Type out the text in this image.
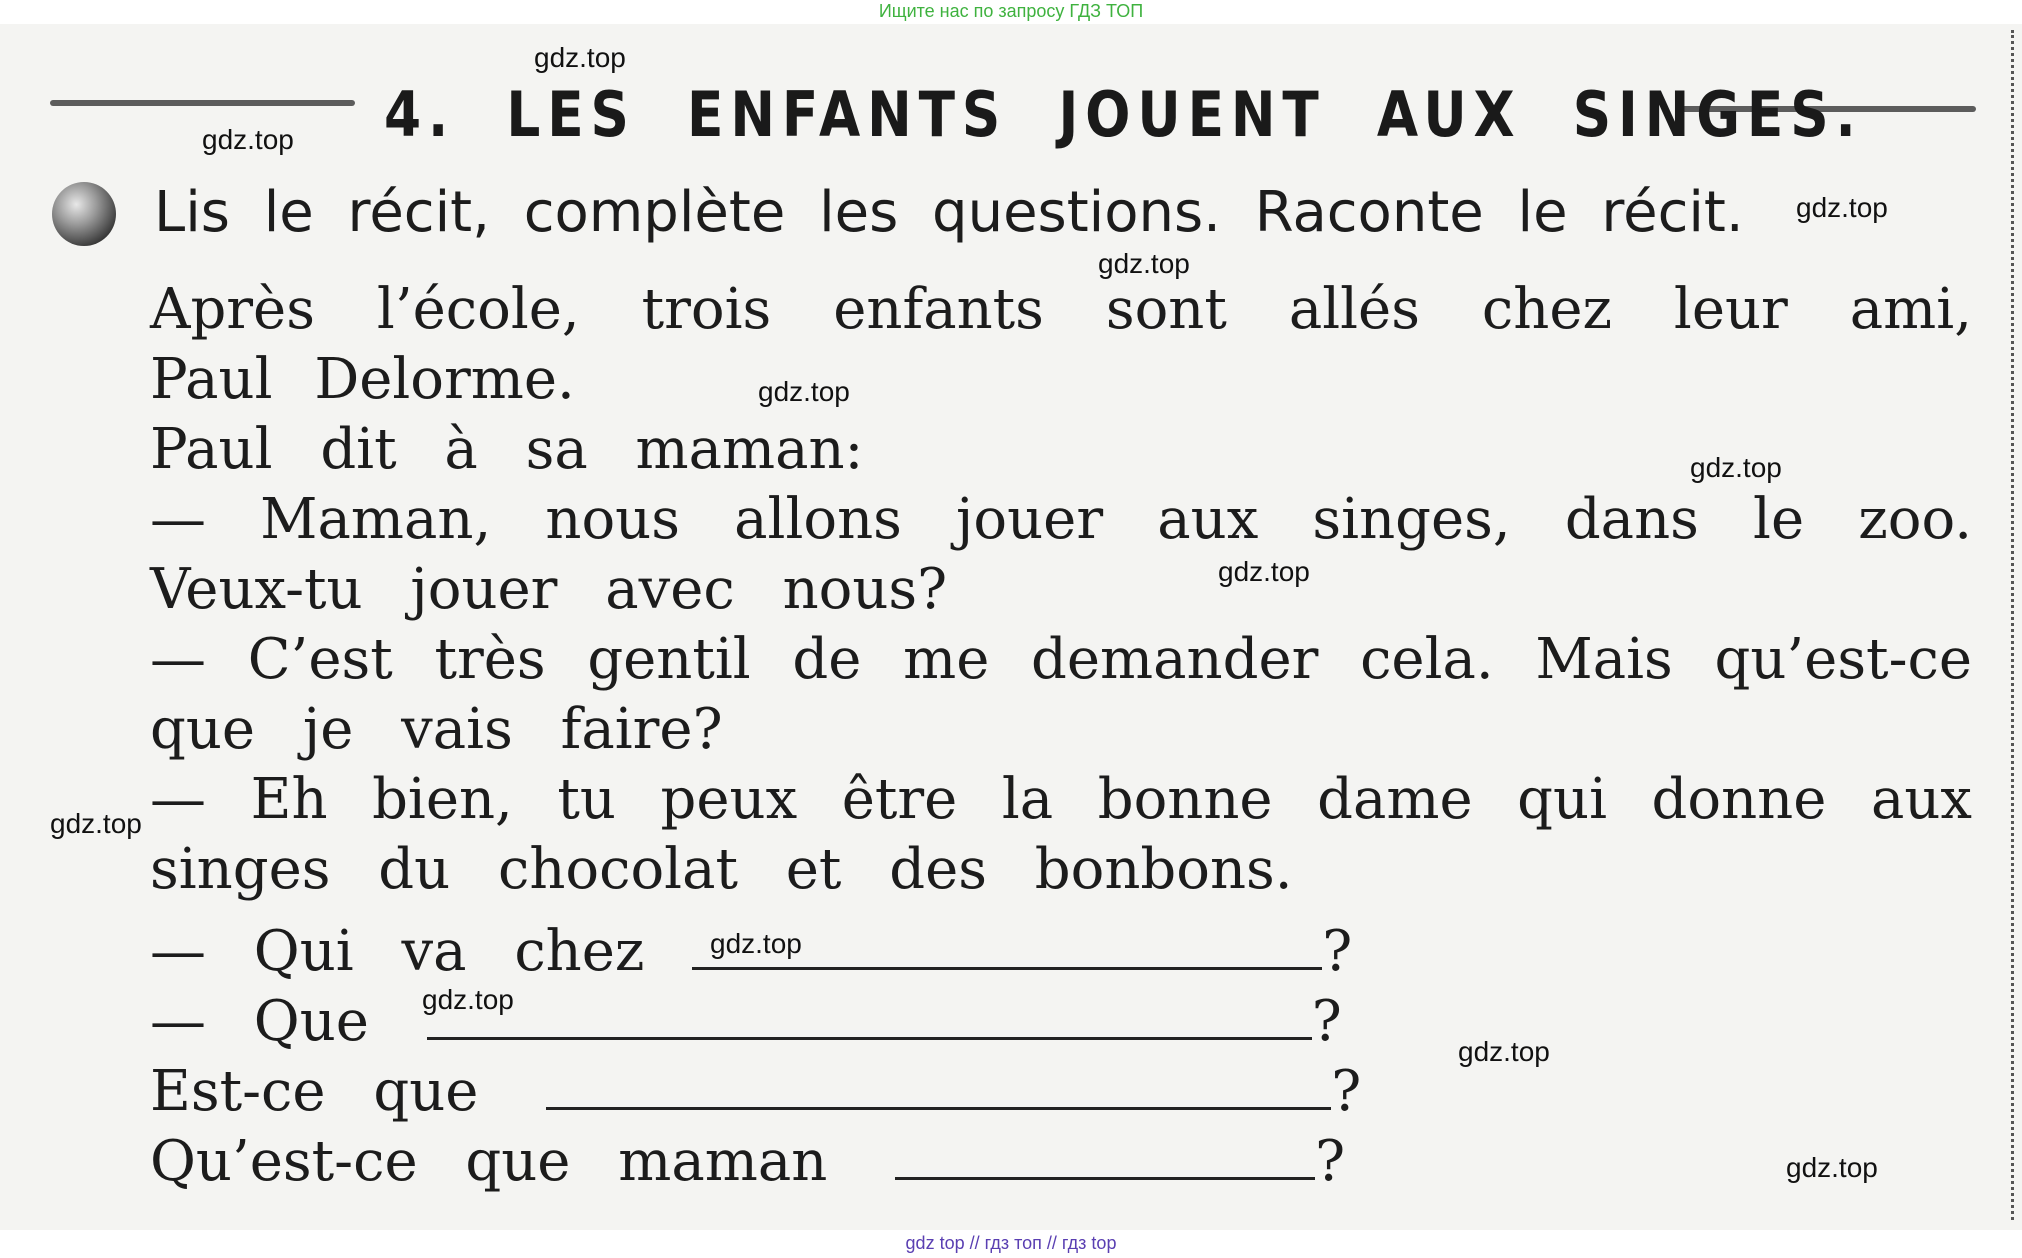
Ищите нас по запросу ГДЗ ТОП
4. LES ENFANTS JOUENT AUX SINGES.
Lis le récit, complète les questions. Raconte le récit.
Après l’école, trois enfants sont allés chez leur ami,
Paul Delorme.
Paul dit à sa maman:
— Maman, nous allons jouer aux singes, dans le zoo.
Veux-tu jouer avec nous?
— C’est très gentil de me demander cela. Mais qu’est-ce
que je vais faire?
— Eh bien, tu peux être la bonne dame qui donne aux
singes du chocolat et des bonbons.
— Qui va chez	?
— Que	?
Est-ce que	?
Qu’est-ce que maman	?
gdz.top
gdz.top
gdz.top
gdz.top
gdz.top
gdz.top
gdz.top
gdz.top
gdz.top
gdz.top
gdz.top
gdz.top
gdz top // гдз топ // гдз top
